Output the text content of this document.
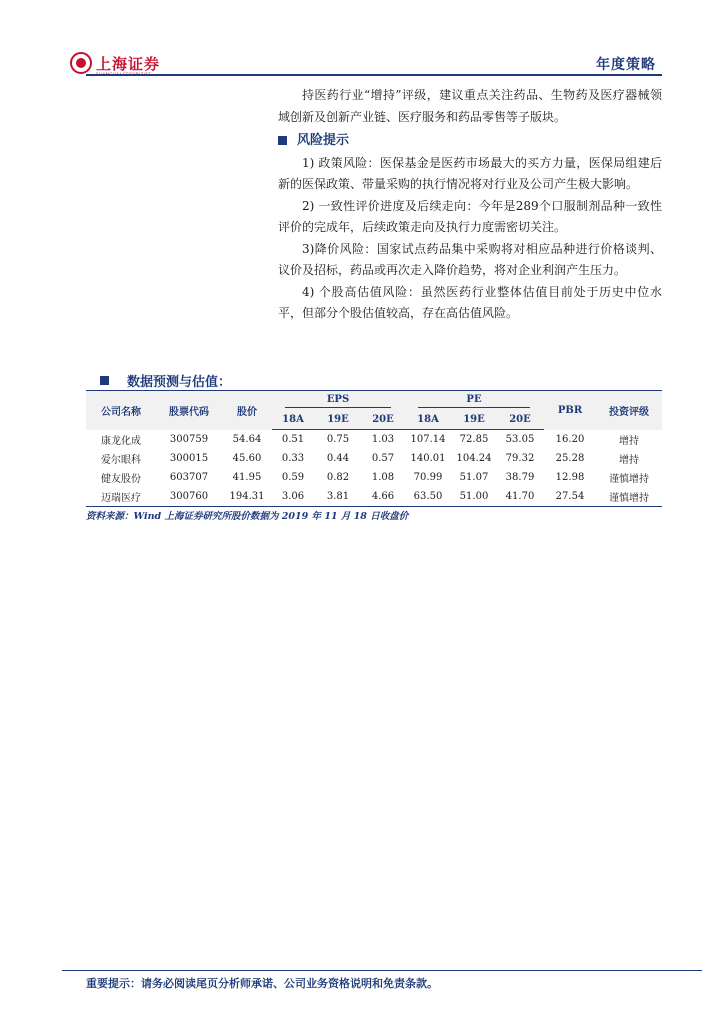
上海证券	年度策略

持医药行业“增持”评级，建议重点关注药品、生物药及医疗器械领域创新及创新产业链、医疗服务和药品零售等子版块。

风险提示

1) 政策风险：医保基金是医药市场最大的买方力量，医保局组建后新的医保政策、带量采购的执行情况将对行业及公司产生极大影响。

2) 一致性评价进度及后续走向：今年是289个口服制剂品种一致性评价的完成年，后续政策走向及执行力度需密切关注。

3)降价风险：国家试点药品集中采购将对相应品种进行价格谈判、议价及招标，药品或再次走入降价趋势，将对企业利润产生压力。

4) 个股高估值风险：虽然医药行业整体估值目前处于历史中位水平，但部分个股估值较高，存在高估值风险。

数据预测与估值：
公司名称	股票代码	股价	EPS			PE			PBR	投资评级
			18A	19E	20E	18A	19E	20E		
康龙化成	300759	54.64	0.51	0.75	1.03	107.14	72.85	53.05	16.20	增持
爱尔眼科	300015	45.60	0.33	0.44	0.57	140.01	104.24	79.32	25.28	增持
健友股份	603707	41.95	0.59	0.82	1.08	70.99	51.07	38.79	12.98	谨慎增持
迈瑞医疗	300760	194.31	3.06	3.81	4.66	63.50	51.00	41.70	27.54	谨慎增持
资料来源：Wind 上海证券研究所股价数据为 2019 年 11 月 18 日收盘价
重要提示：请务必阅读尾页分析师承诺、公司业务资格说明和免责条款。
